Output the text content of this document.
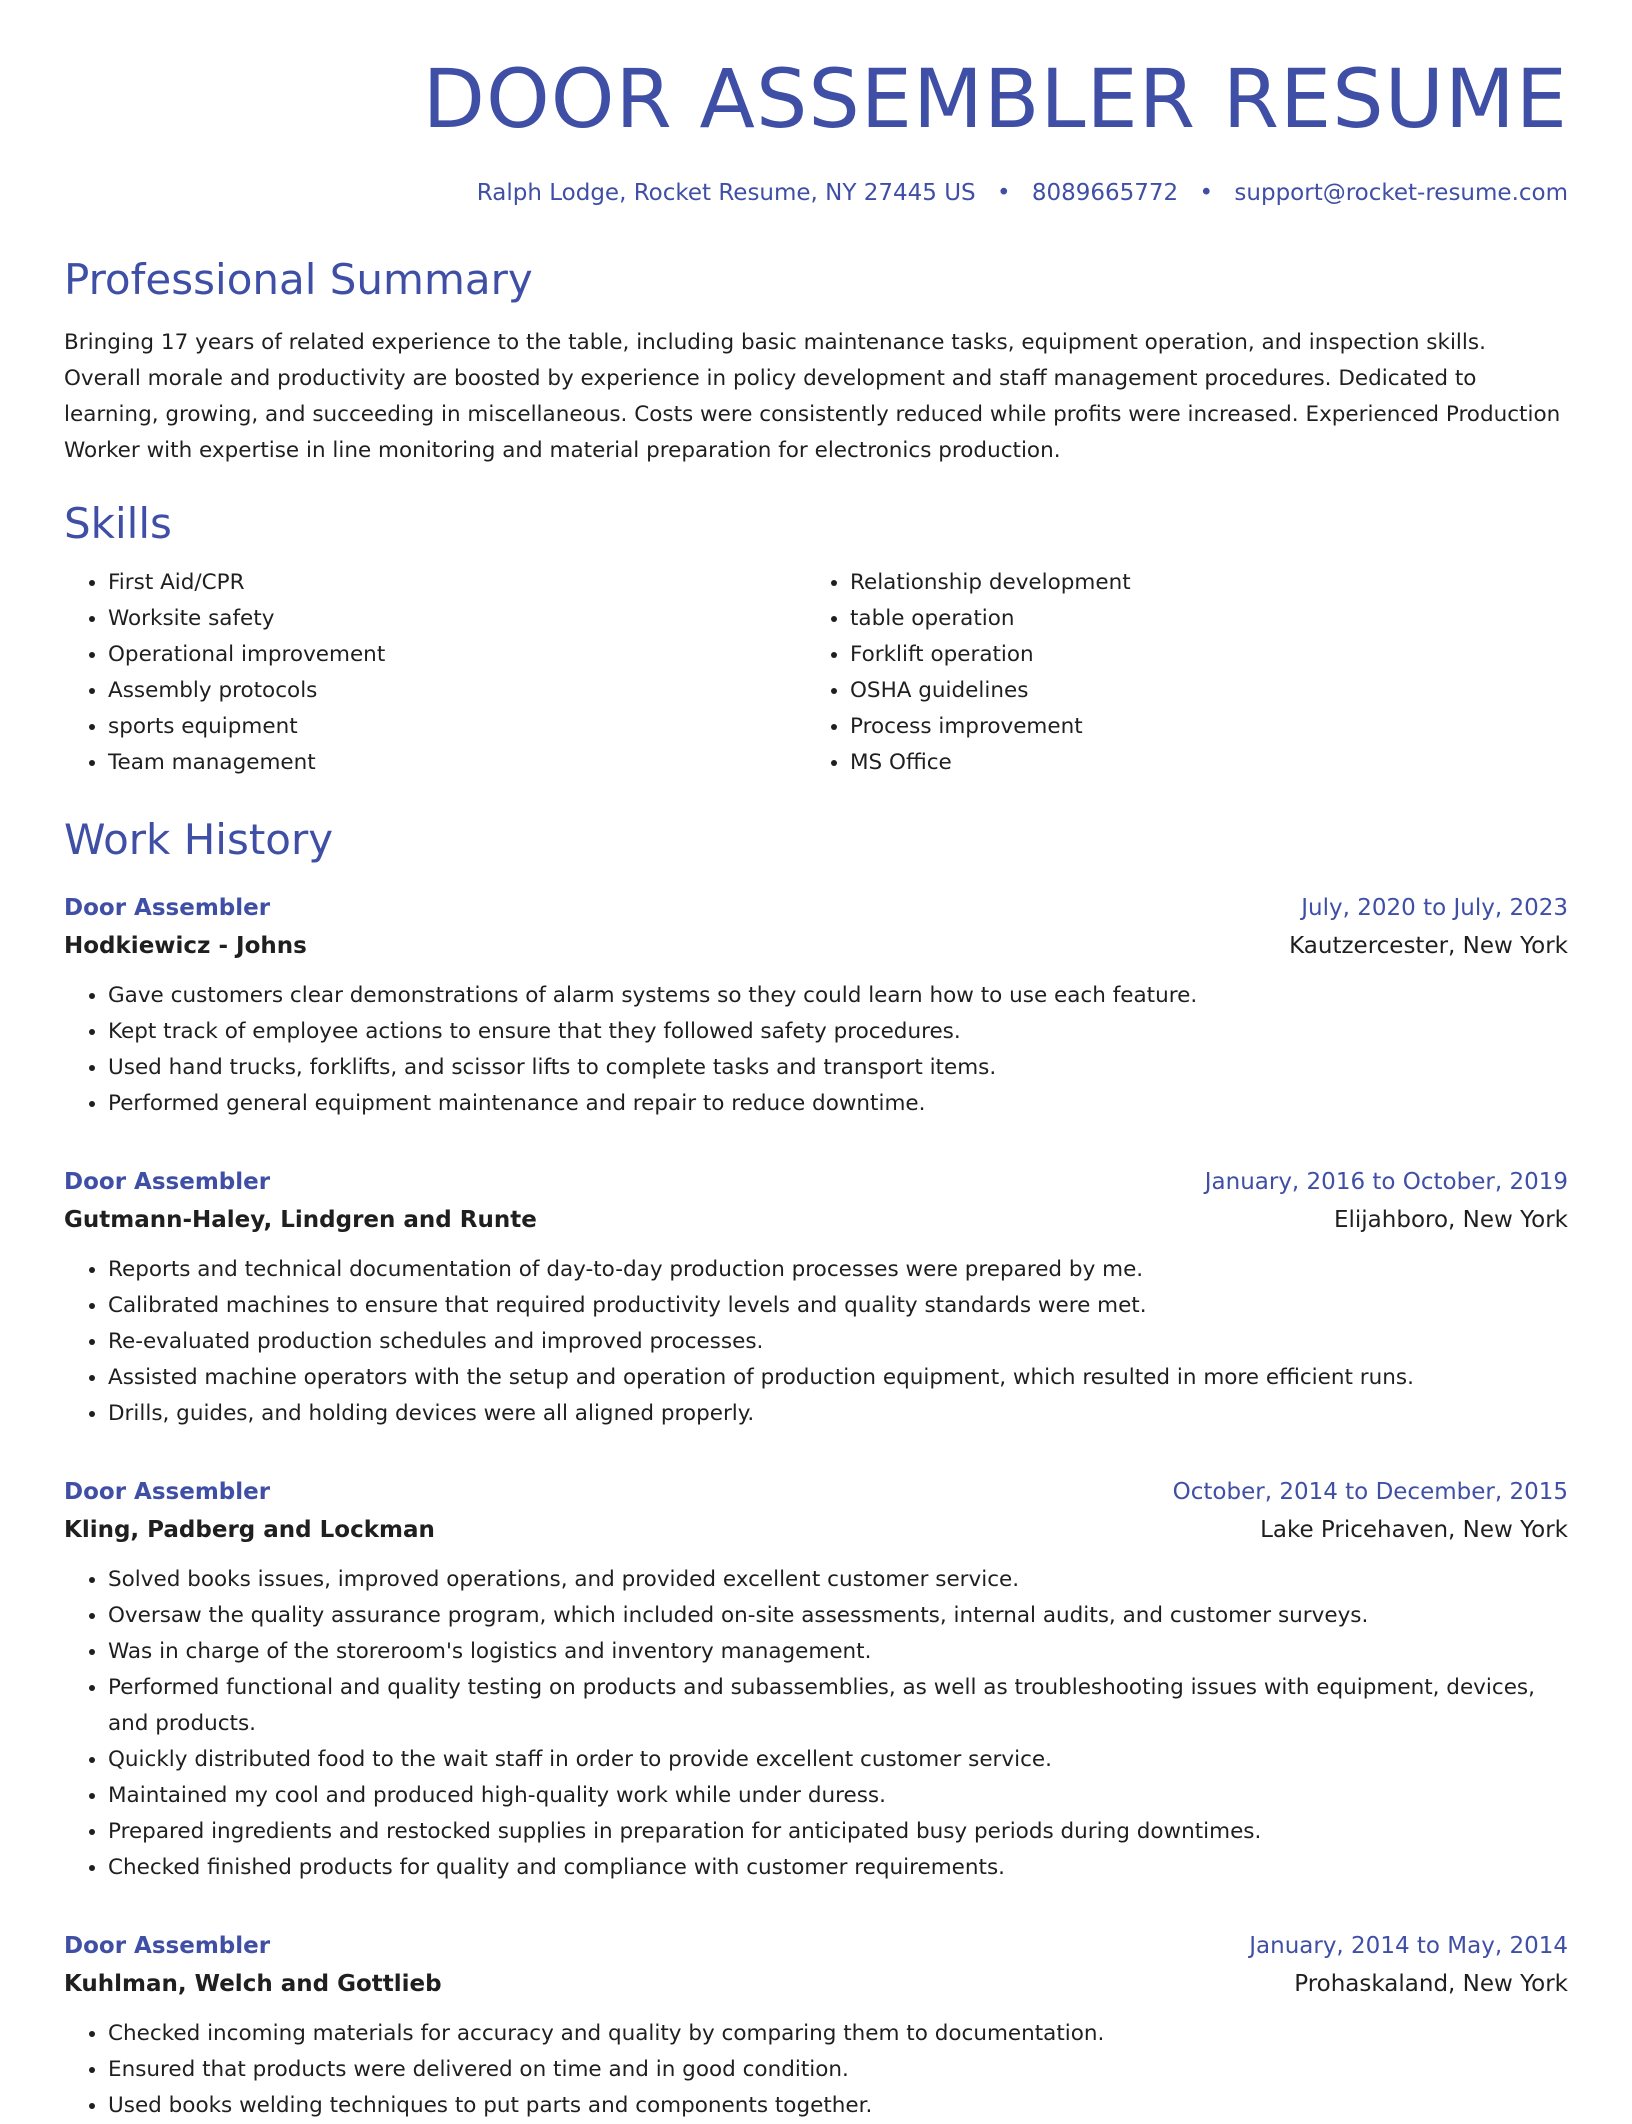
DOOR ASSEMBLER RESUME
Ralph Lodge, Rocket Resume, NY 27445 US • 8089665772 • support@rocket-resume.com
Professional Summary
Bringing 17 years of related experience to the table, including basic maintenance tasks, equipment operation, and inspection skills. Overall morale and productivity are boosted by experience in policy development and staff management procedures. Dedicated to learning, growing, and succeeding in miscellaneous. Costs were consistently reduced while profits were increased. Experienced Production Worker with expertise in line monitoring and material preparation for electronics production.
Skills
• First Aid/CPR
• Worksite safety
• Operational improvement
• Assembly protocols
• sports equipment
• Team management
• Relationship development
• table operation
• Forklift operation
• OSHA guidelines
• Process improvement
• MS Office
Work History
Door Assembler	July, 2020 to July, 2023
Hodkiewicz - Johns	Kautzercester, New York
• Gave customers clear demonstrations of alarm systems so they could learn how to use each feature.
• Kept track of employee actions to ensure that they followed safety procedures.
• Used hand trucks, forklifts, and scissor lifts to complete tasks and transport items.
• Performed general equipment maintenance and repair to reduce downtime.
Door Assembler	January, 2016 to October, 2019
Gutmann-Haley, Lindgren and Runte	Elijahboro, New York
• Reports and technical documentation of day-to-day production processes were prepared by me.
• Calibrated machines to ensure that required productivity levels and quality standards were met.
• Re-evaluated production schedules and improved processes.
• Assisted machine operators with the setup and operation of production equipment, which resulted in more efficient runs.
• Drills, guides, and holding devices were all aligned properly.
Door Assembler	October, 2014 to December, 2015
Kling, Padberg and Lockman	Lake Pricehaven, New York
• Solved books issues, improved operations, and provided excellent customer service.
• Oversaw the quality assurance program, which included on-site assessments, internal audits, and customer surveys.
• Was in charge of the storeroom's logistics and inventory management.
• Performed functional and quality testing on products and subassemblies, as well as troubleshooting issues with equipment, devices, and products.
• Quickly distributed food to the wait staff in order to provide excellent customer service.
• Maintained my cool and produced high-quality work while under duress.
• Prepared ingredients and restocked supplies in preparation for anticipated busy periods during downtimes.
• Checked finished products for quality and compliance with customer requirements.
Door Assembler	January, 2014 to May, 2014
Kuhlman, Welch and Gottlieb	Prohaskaland, New York
• Checked incoming materials for accuracy and quality by comparing them to documentation.
• Ensured that products were delivered on time and in good condition.
• Used books welding techniques to put parts and components together.
